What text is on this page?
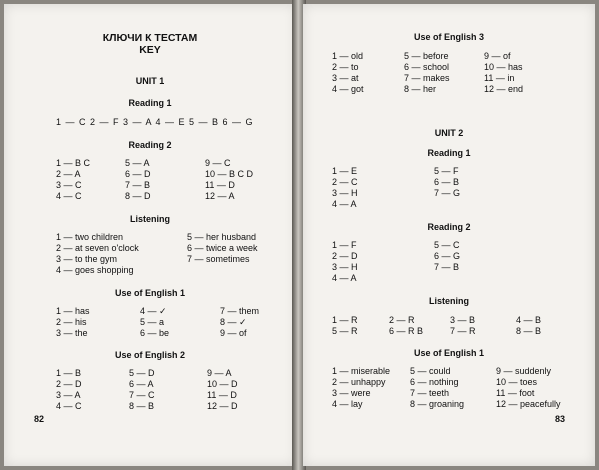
КЛЮЧИ К ТЕСТАМ
KEY
UNIT 1
Reading 1
1 — C 2 — F 3 — A 4 — E 5 — B 6 — G
Reading 2
1 — B C
2 — A
3 — C
4 — C
5 — A
6 — D
7 — B
8 — D
9 — C
10 — B C D
11 — D
12 — A
Listening
1 — two children
2 — at seven o'clock
3 — to the gym
4 — goes shopping
5 — her husband
6 — twice a week
7 — sometimes
Use of English 1
1 — has
2 — his
3 — the
4 — ✓
5 — a
6 — be
7 — them
8 — ✓
9 — of
Use of English 2
1 — B
2 — D
3 — A
4 — C
5 — D
6 — A
7 — C
8 — B
9 — A
10 — D
11 — D
12 — D
82
Use of English 3
1 — old
2 — to
3 — at
4 — got
5 — before
6 — school
7 — makes
8 — her
9 — of
10 — has
11 — in
12 — end
UNIT 2
Reading 1
1 — E
2 — C
3 — H
4 — A
5 — F
6 — B
7 — G
Reading 2
1 — F
2 — D
3 — H
4 — A
5 — C
6 — G
7 — B
Listening
1 — R	2 — R	3 — B	4 — B
5 — R	6 — R B	7 — R	8 — B
Use of English 1
1 — miserable
2 — unhappy
3 — were
4 — lay
5 — could
6 — nothing
7 — teeth
8 — groaning
9 — suddenly
10 — toes
11 — foot
12 — peacefully
83
